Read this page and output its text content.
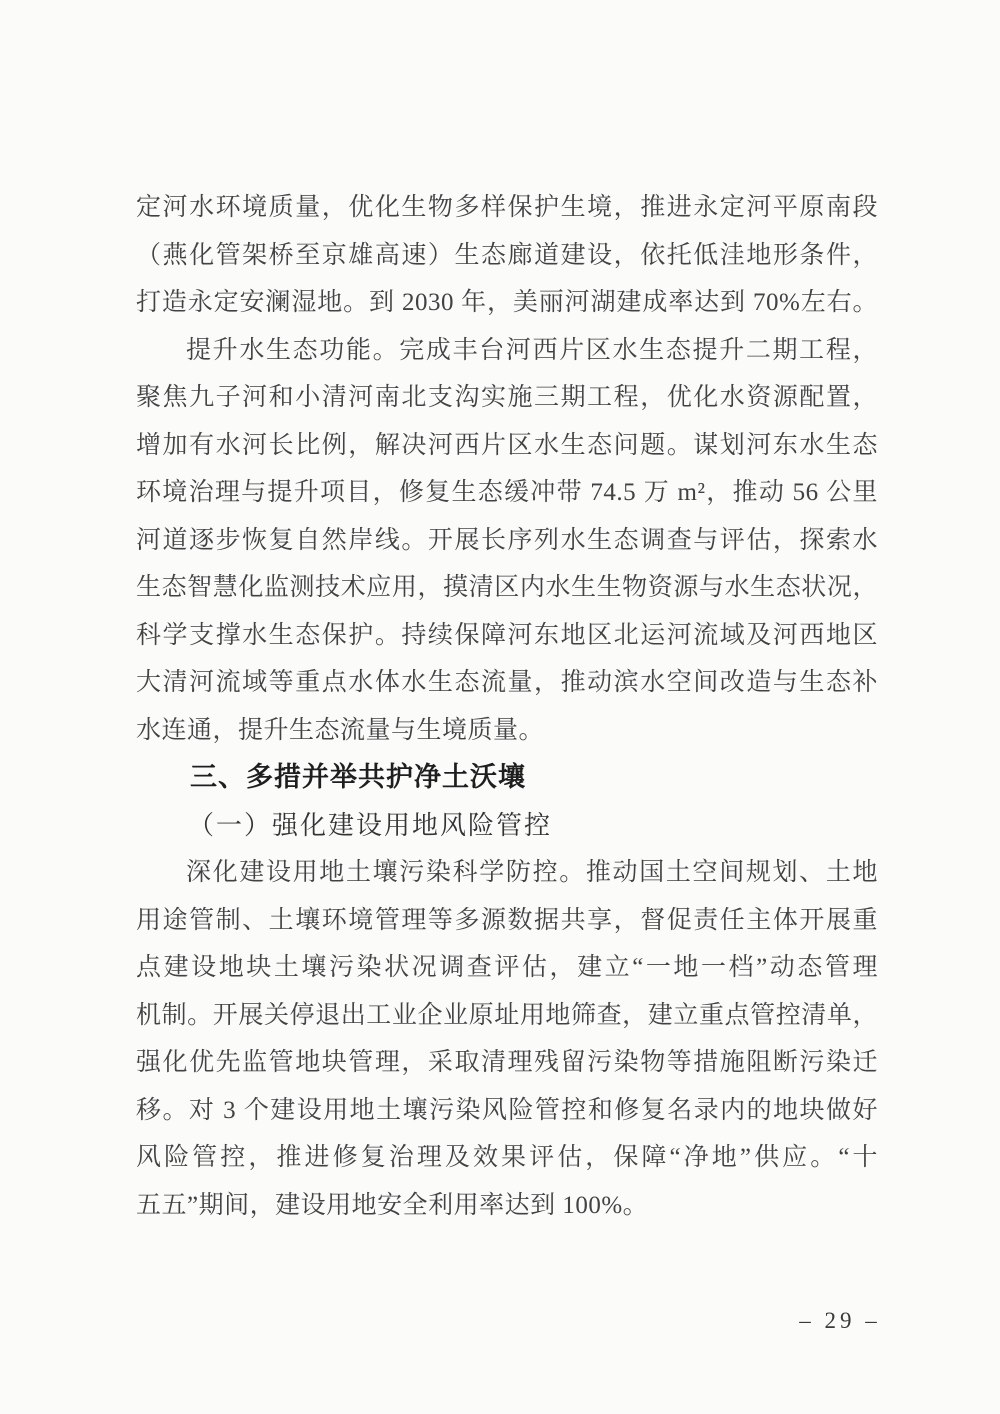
定河水环境质量，优化生物多样保护生境，推进永定河平原南段
（燕化管架桥至京雄高速）生态廊道建设，依托低洼地形条件，
打造永定安澜湿地。到 2030 年，美丽河湖建成率达到 70%左右。
提升水生态功能。完成丰台河西片区水生态提升二期工程，
聚焦九子河和小清河南北支沟实施三期工程，优化水资源配置，
增加有水河长比例，解决河西片区水生态问题。谋划河东水生态
环境治理与提升项目，修复生态缓冲带 74.5 万 m²，推动 56 公里
河道逐步恢复自然岸线。开展长序列水生态调查与评估，探索水
生态智慧化监测技术应用，摸清区内水生生物资源与水生态状况，
科学支撑水生态保护。持续保障河东地区北运河流域及河西地区
大清河流域等重点水体水生态流量，推动滨水空间改造与生态补
水连通，提升生态流量与生境质量。
三、多措并举共护净土沃壤
（一）强化建设用地风险管控
深化建设用地土壤污染科学防控。推动国土空间规划、土地
用途管制、土壤环境管理等多源数据共享，督促责任主体开展重
点建设地块土壤污染状况调查评估，建立“一地一档”动态管理
机制。开展关停退出工业企业原址用地筛查，建立重点管控清单，
强化优先监管地块管理，采取清理残留污染物等措施阻断污染迁
移。对 3 个建设用地土壤污染风险管控和修复名录内的地块做好
风险管控，推进修复治理及效果评估，保障“净地”供应。“十
五五”期间，建设用地安全利用率达到 100%。
– 29 –
